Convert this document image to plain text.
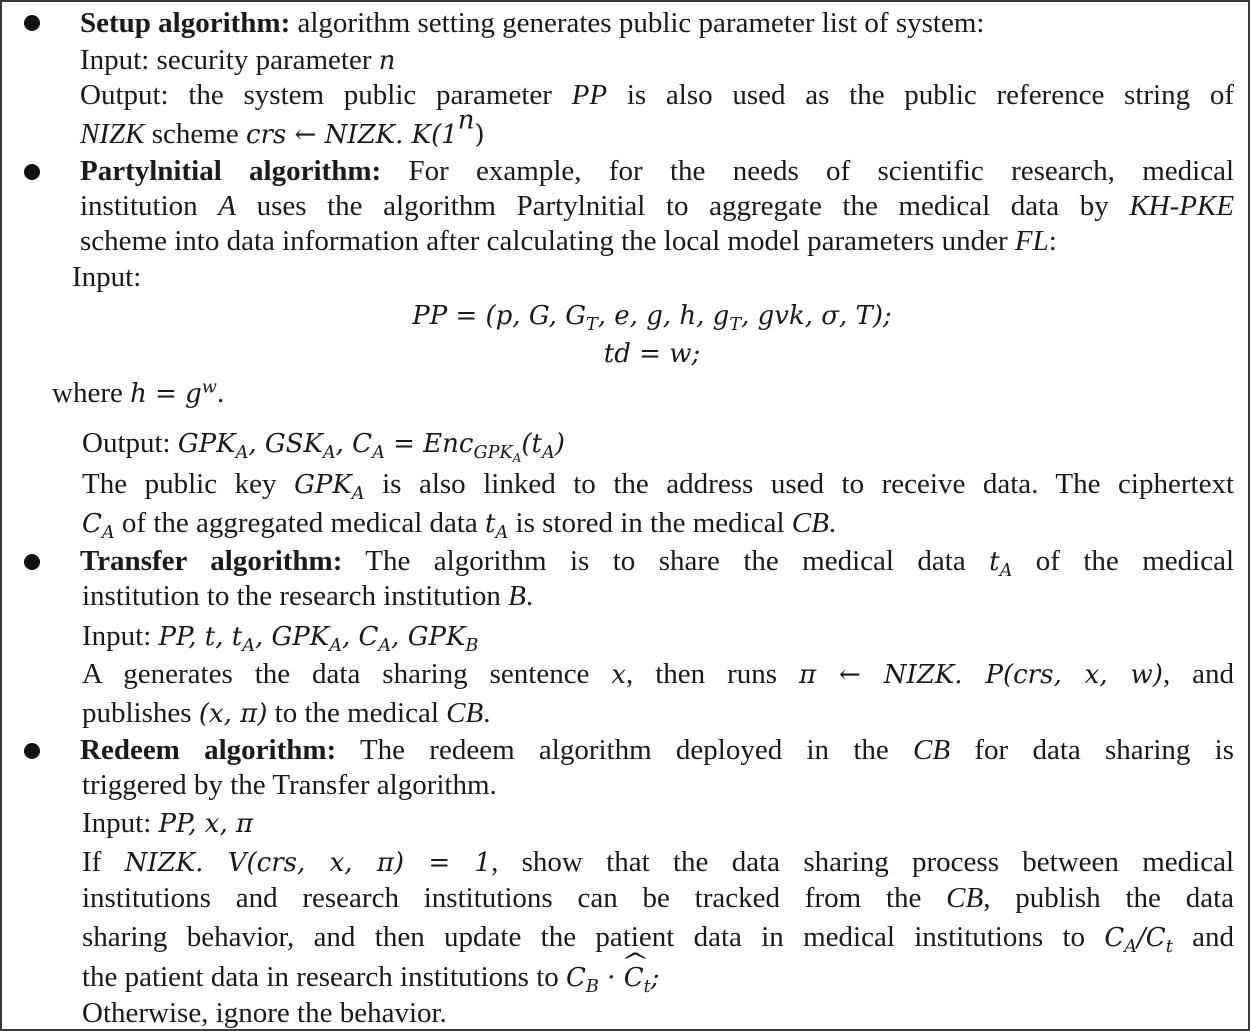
Setup algorithm: algorithm setting generates public parameter list of system:
Input: security parameter n
Output: the system public parameter PP is also used as the public reference string of
NIZK scheme crs ← NIZK. K(1$^n$)
Partylnitial algorithm: For example, for the needs of scientific research, medical
institution A uses the algorithm Partylnitial to aggregate the medical data by KH-PKE
scheme into data information after calculating the local model parameters under FL:
Input:
PP = (p, G, $G_T$, e, g, h, $g_T$, gvk, σ, T);
td = w;
where $h = g^w$.
Output: $GPK_A$, $GSK_A$, $C_A = Enc_{GPK_A}(t_A)$
The public key $GPK_A$ is also linked to the address used to receive data. The ciphertext
$C_A$ of the aggregated medical data $t_A$ is stored in the medical CB.
Transfer algorithm: The algorithm is to share the medical data $t_A$ of the medical
institution to the research institution B.
Input: PP, t, $t_A$, $GPK_A$, $C_A$, $GPK_B$
A generates the data sharing sentence x, then runs π ← NIZK. P(crs, x, w), and
publishes (x, π) to the medical CB.
Redeem algorithm: The redeem algorithm deployed in the CB for data sharing is
triggered by the Transfer algorithm.
Input: PP, x, π
If NIZK. V(crs, x, π) = 1, show that the data sharing process between medical
institutions and research institutions can be tracked from the CB, publish the data
sharing behavior, and then update the patient data in medical institutions to $C_A/C_t$ and
the patient data in research institutions to $C_B$ · ^ $C_t$;
Otherwise, ignore the behavior.
